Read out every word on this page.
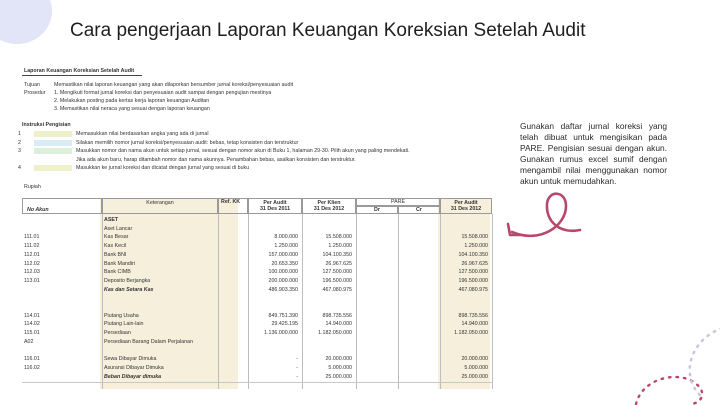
Cara pengerjaan Laporan Keuangan Koreksian Setelah Audit
Laporan Keuangan Koreksian Setelah Audit
Tujuan	Memastikan nilai laporan keuangan yang akan dilaporkan bersumber jurnal koreksi/penyesuaian audit
Prosedur 1. Mengikuti format jurnal koreksi dan penyesuaian audit sampai dengan pengujian mestinya
2. Melakukan posting pada kertas kerja laporan keuangan Auditan
3. Memastikan nilai neraca yang sesuai dengan laporan keuangan
Instruksi Pengisian
1	Memasukkan nilai berdasarkan angka yang ada di jurnal
2	Silakan memilih nomor jurnal koreksi/penyesuaian audit: bebas, tetap konsisten dan terstruktur
3	Masukkan nomor dan nama akun untuk setiap jurnal, sesuai dengan nomor akun di Buku 1, halaman 29-30. Pilih akun yang paling mendekati.
Jika ada akun baru, harap ditambah nomor dan nama akunnya. Penambahan bebas, asalkan konsisten dan terstruktur.
4	Masukkan ke jurnal koreksi dan dicatat dengan jurnal yang sesuai di buku
Rupiah
No Akun
Keterangan
	Ref. KK	Per Audit
31 Des 2011
Per Klien
31 Des 2012
PARE
Dr	Cr
Per Audit
31 Des 2012
ASET
Aset Lancar
111.01	Kas Besar	8.000.000	15.508.000	15.508.000
111.02	Kas Kecil	1.250.000	1.250.000	1.250.000
112.01	Bank BNI	157.000.000	104.100.350	104.100.350
112.02	Bank Mandiri	20.653.350	26.967.625	26.967.625
112.03	Bank CIMB	100.000.000	127.500.000	127.500.000
113.01	Deposito Berjangka	200.000.000	196.500.000	196.500.000
Kas dan Setara Kas	486.903.350	467.080.975	467.080.975
114.01	Piutang Usaha	849.751.390	898.735.556	898.735.556
114.02	Piutang Lain-lain	29.425.195	14.940.000	14.940.000
115.01	Persediaan	1.136.000.000	1.182.050.000	1.182.050.000
A02	Persediaan Barang Dalam Perjalanan
116.01	Sewa Dibayar Dimuka	-	20.000.000	20.000.000
116.02	Asuransi Dibayar Dimuka	-	5.000.000	5.000.000
Beban Dibayar dimuka	-	25.000.000	25.000.000
Gunakan daftar jurnal koreksi yang telah dibuat untuk mengisikan pada PARE. Pengisian sesuai dengan akun. Gunakan rumus excel sumif dengan mengambil nilai menggunakan nomor akun untuk memudahkan.
